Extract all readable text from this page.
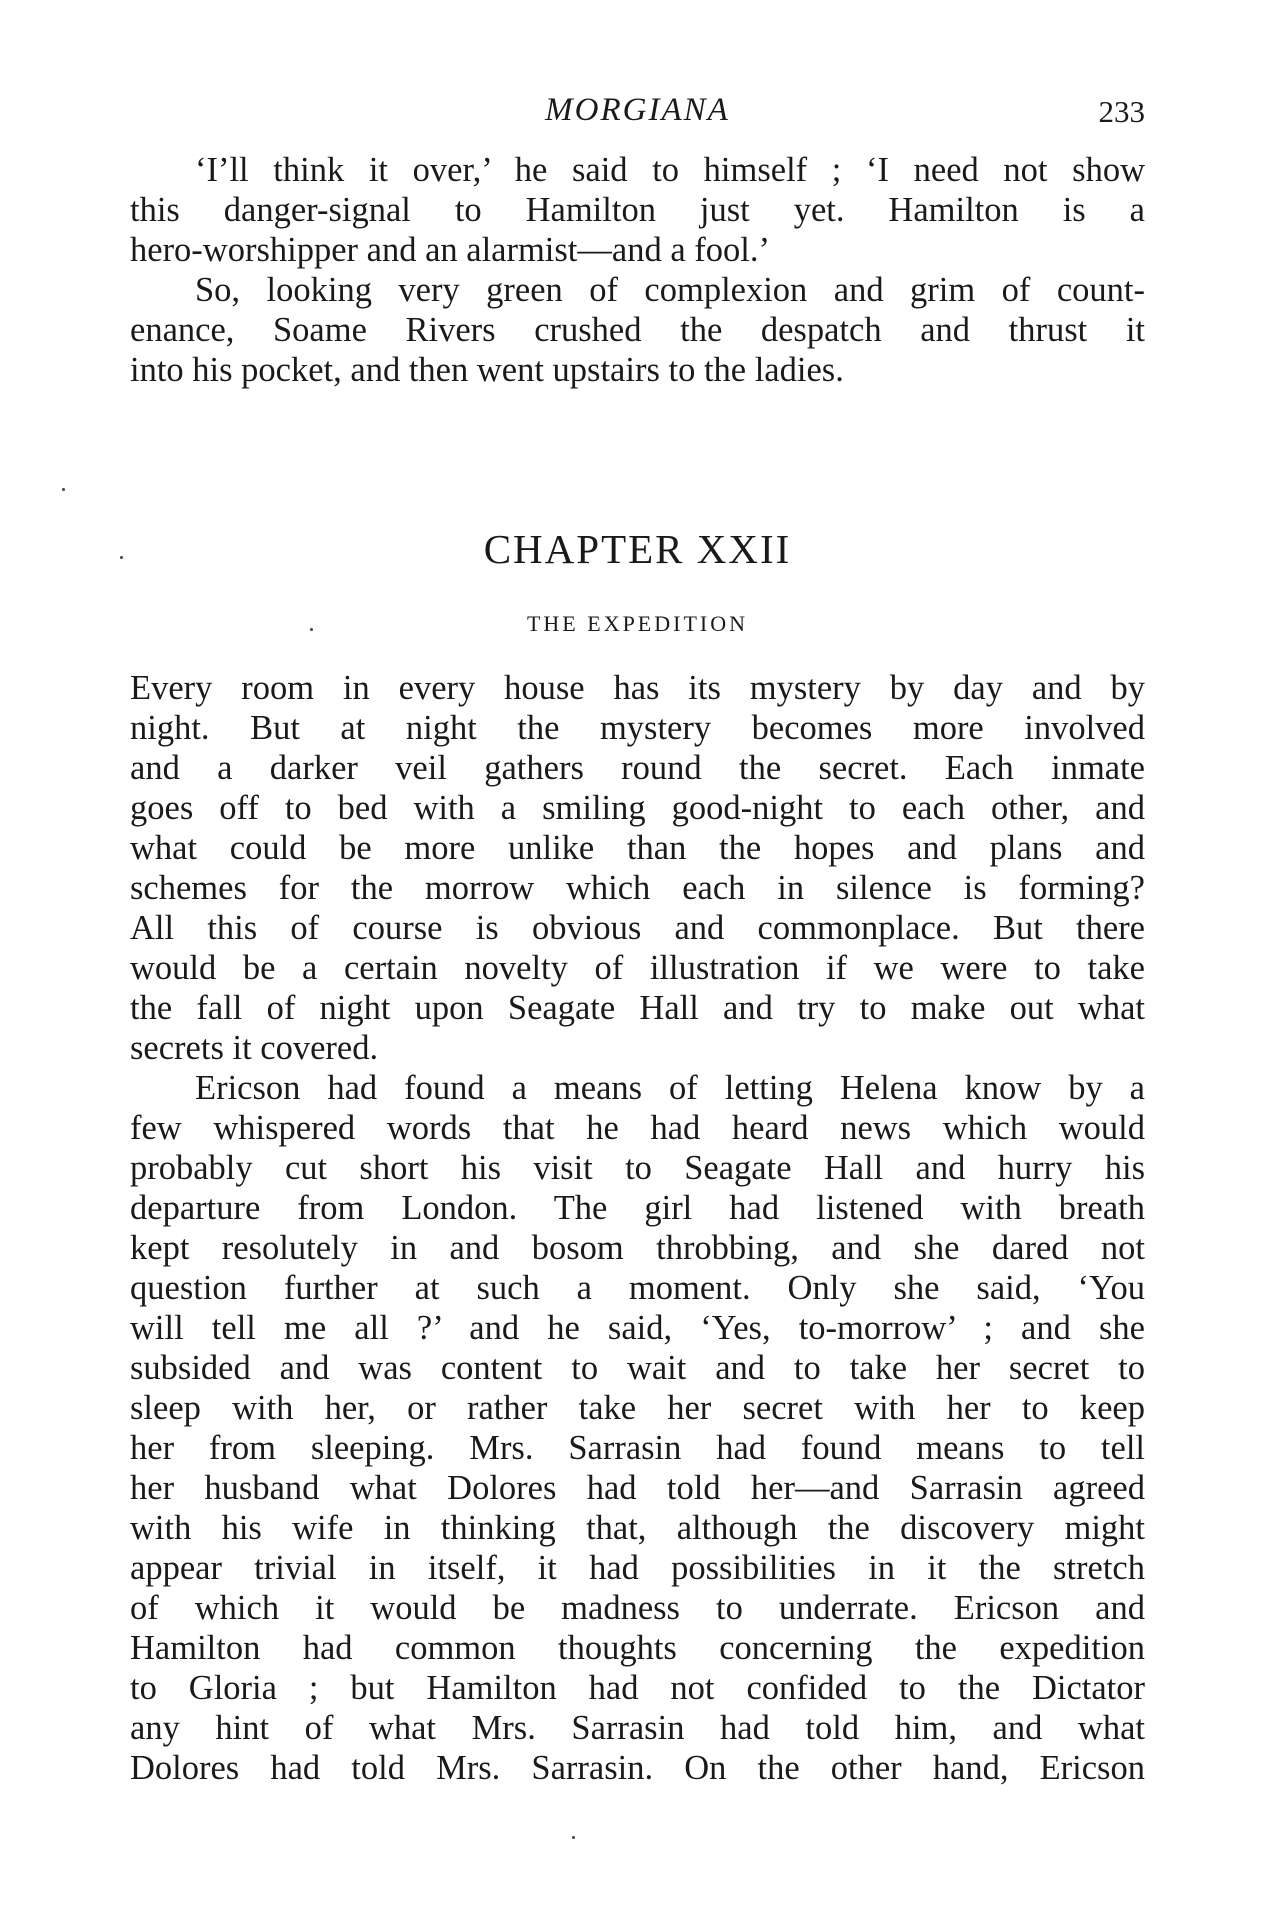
MORGIANA	233
‘I’ll think it over,’ he said to himself ; ‘I need not show
this danger-signal to Hamilton just yet. Hamilton is a
hero-worshipper and an alarmist—and a fool.’
So, looking very green of complexion and grim of count-
enance, Soame Rivers crushed the despatch and thrust it
into his pocket, and then went upstairs to the ladies.
CHAPTER XXII
THE EXPEDITION
Every room in every house has its mystery by day and by
night. But at night the mystery becomes more involved
and a darker veil gathers round the secret. Each inmate
goes off to bed with a smiling good-night to each other, and
what could be more unlike than the hopes and plans and
schemes for the morrow which each in silence is forming?
All this of course is obvious and commonplace. But there
would be a certain novelty of illustration if we were to take
the fall of night upon Seagate Hall and try to make out what
secrets it covered.
Ericson had found a means of letting Helena know by a
few whispered words that he had heard news which would
probably cut short his visit to Seagate Hall and hurry his
departure from London. The girl had listened with breath
kept resolutely in and bosom throbbing, and she dared not
question further at such a moment. Only she said, ‘You
will tell me all ?’ and he said, ‘Yes, to-morrow’ ; and she
subsided and was content to wait and to take her secret to
sleep with her, or rather take her secret with her to keep
her from sleeping. Mrs. Sarrasin had found means to tell
her husband what Dolores had told her—and Sarrasin agreed
with his wife in thinking that, although the discovery might
appear trivial in itself, it had possibilities in it the stretch
of which it would be madness to underrate. Ericson and
Hamilton had common thoughts concerning the expedition
to Gloria ; but Hamilton had not confided to the Dictator
any hint of what Mrs. Sarrasin had told him, and what
Dolores had told Mrs. Sarrasin. On the other hand, Ericson
